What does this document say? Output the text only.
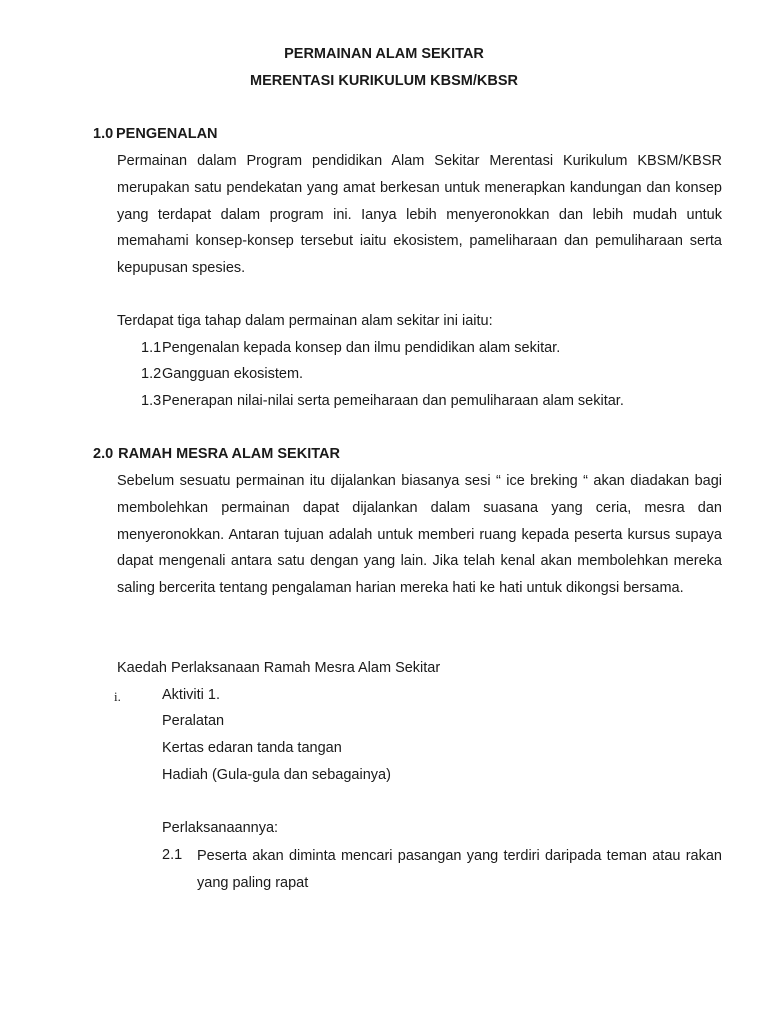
PERMAINAN ALAM SEKITAR
MERENTASI KURIKULUM KBSM/KBSR
1.0 PENGENALAN

Permainan dalam Program pendidikan Alam Sekitar Merentasi Kurikulum KBSM/KBSR merupakan satu pendekatan yang amat berkesan untuk menerapkan kandungan dan konsep yang terdapat dalam program ini. Ianya lebih menyeronokkan dan lebih mudah untuk memahami konsep-konsep tersebut iaitu ekosistem, pameliharaan dan pemuliharaan serta kepupusan spesies.

Terdapat tiga tahap dalam permainan alam sekitar ini iaitu:
1.1Pengenalan kepada konsep dan ilmu pendidikan alam sekitar.
1.2Gangguan ekosistem.
1.3Penerapan nilai-nilai serta pemeiharaan dan pemuliharaan alam sekitar.
2.0 RAMAH MESRA ALAM SEKITAR

Sebelum sesuatu permainan itu dijalankan biasanya sesi “ ice breking “ akan diadakan bagi membolehkan permainan dapat dijalankan dalam suasana yang ceria, mesra dan menyeronokkan. Antaran tujuan adalah untuk memberi ruang kepada peserta kursus supaya dapat mengenali antara satu dengan yang lain. Jika telah kenal akan membolehkan mereka saling bercerita tentang pengalaman harian mereka hati ke hati untuk dikongsi bersama.

Kaedah Perlaksanaan Ramah Mesra Alam Sekitar
i.	Aktiviti 1.
Peralatan
Kertas edaran tanda tangan
Hadiah (Gula-gula dan sebagainya)
Perlaksanaannya:
2.1 Peserta akan diminta mencari pasangan yang terdiri daripada teman atau rakan yang paling rapat
